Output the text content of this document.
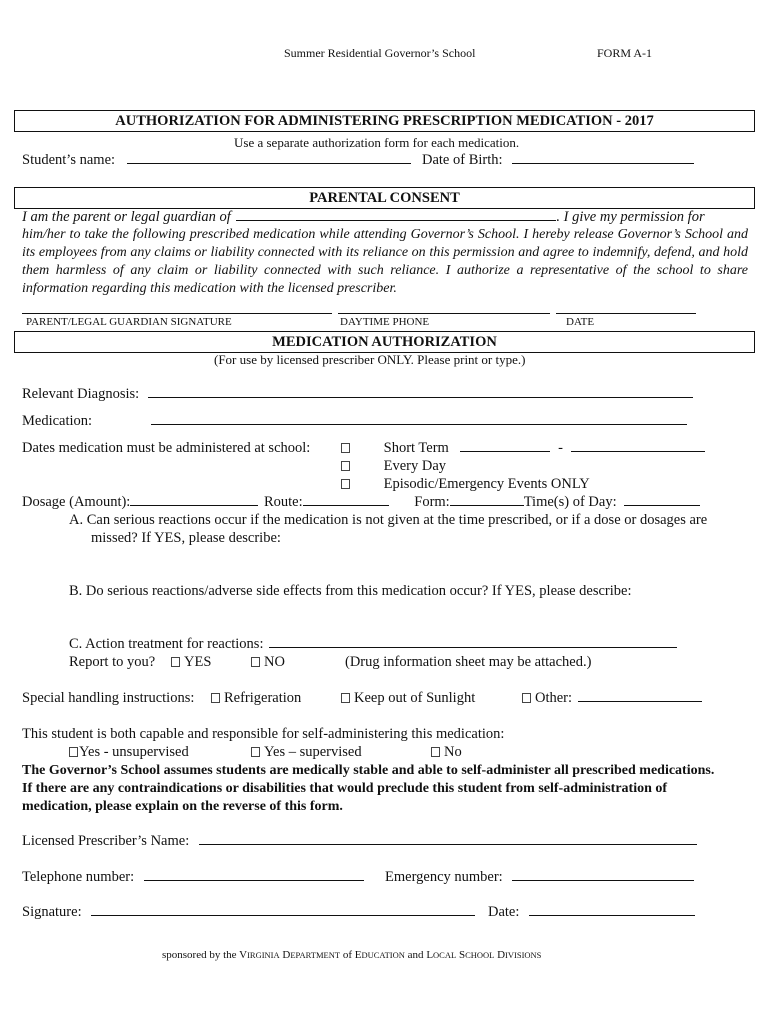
Summer Residential Governor’s School	FORM A-1
AUTHORIZATION FOR ADMINISTERING PRESCRIPTION MEDICATION - 2017
Use a separate authorization form for each medication.
Student’s name:	Date of Birth:
PARENTAL CONSENT
I am the parent or legal guardian of	. I give my permission for
him/her to take the following prescribed medication while attending Governor’s School. I hereby release Governor’s School and its employees from any claims or liability connected with its reliance on this permission and agree to indemnify, defend, and hold them harmless of any claim or liability connected with such reliance. I authorize a representative of the school to share information regarding this medication with the licensed prescriber.
PARENT/LEGAL GUARDIAN SIGNATURE	DAYTIME PHONE	DATE
MEDICATION AUTHORIZATION
(For use by licensed prescriber ONLY. Please print or type.)
Relevant Diagnosis:
Medication:
Dates medication must be administered at school:	Short Term	-
Every Day
Episodic/Emergency Events ONLY
Dosage (Amount):	Route:	Form:	Time(s) of Day:
A. Can serious reactions occur if the medication is not given at the time prescribed, or if a dose or dosages are
missed? If YES, please describe:
B. Do serious reactions/adverse side effects from this medication occur? If YES, please describe:
C. Action treatment for reactions:
Report to you?	YES	NO	(Drug information sheet may be attached.)
Special handling instructions:	Refrigeration	Keep out of Sunlight	Other:
This student is both capable and responsible for self-administering this medication:
Yes - unsupervised	Yes – supervised	No
The Governor’s School assumes students are medically stable and able to self-administer all prescribed medications. If there are any contraindications or disabilities that would preclude this student from self-administration of medication, please explain on the reverse of this form.
Licensed Prescriber’s Name:
Telephone number:	Emergency number:
Signature:	Date:
sponsored by the VIRGINIA DEPARTMENT of EDUCATION and LOCAL SCHOOL DIVISIONS
